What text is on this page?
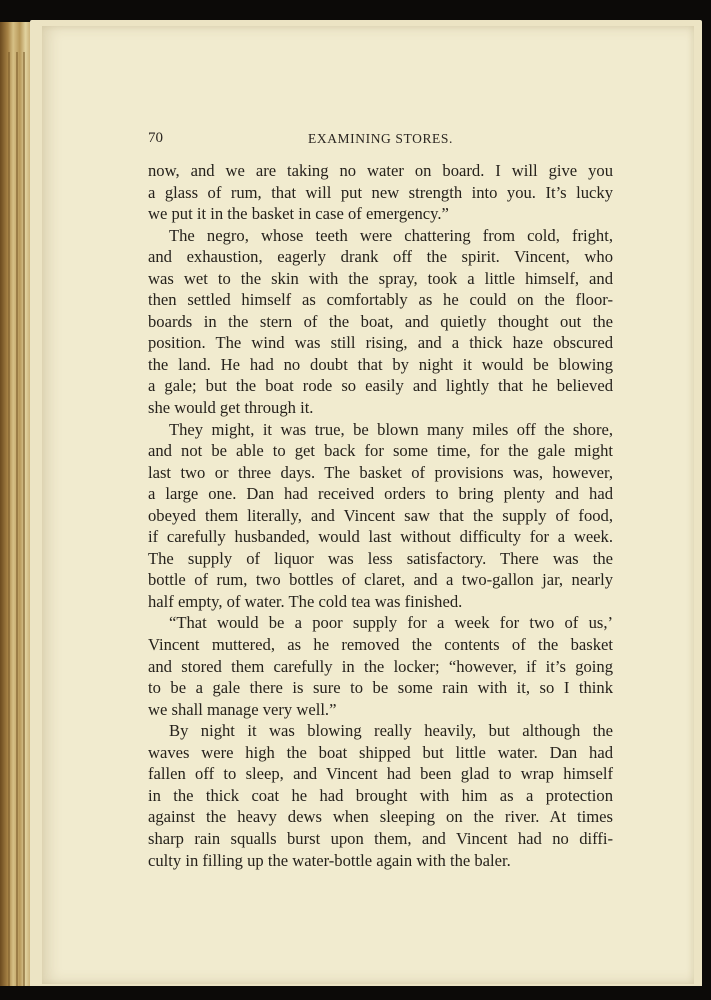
70	EXAMINING STORES.
now, and we are taking no water on board. I will give you
a glass of rum, that will put new strength into you. It’s lucky
we put it in the basket in case of emergency.”
The negro, whose teeth were chattering from cold, fright,
and exhaustion, eagerly drank off the spirit. Vincent, who
was wet to the skin with the spray, took a little himself, and
then settled himself as comfortably as he could on the floor-
boards in the stern of the boat, and quietly thought out the
position. The wind was still rising, and a thick haze obscured
the land. He had no doubt that by night it would be blowing
a gale; but the boat rode so easily and lightly that he believed
she would get through it.
They might, it was true, be blown many miles off the shore,
and not be able to get back for some time, for the gale might
last two or three days. The basket of provisions was, however,
a large one. Dan had received orders to bring plenty and had
obeyed them literally, and Vincent saw that the supply of food,
if carefully husbanded, would last without difficulty for a week.
The supply of liquor was less satisfactory. There was the
bottle of rum, two bottles of claret, and a two-gallon jar, nearly
half empty, of water. The cold tea was finished.
“That would be a poor supply for a week for two of us,’
Vincent muttered, as he removed the contents of the basket
and stored them carefully in the locker; “however, if it’s going
to be a gale there is sure to be some rain with it, so I think
we shall manage very well.”
By night it was blowing really heavily, but although the
waves were high the boat shipped but little water. Dan had
fallen off to sleep, and Vincent had been glad to wrap himself
in the thick coat he had brought with him as a protection
against the heavy dews when sleeping on the river. At times
sharp rain squalls burst upon them, and Vincent had no diffi-
culty in filling up the water-bottle again with the baler.
